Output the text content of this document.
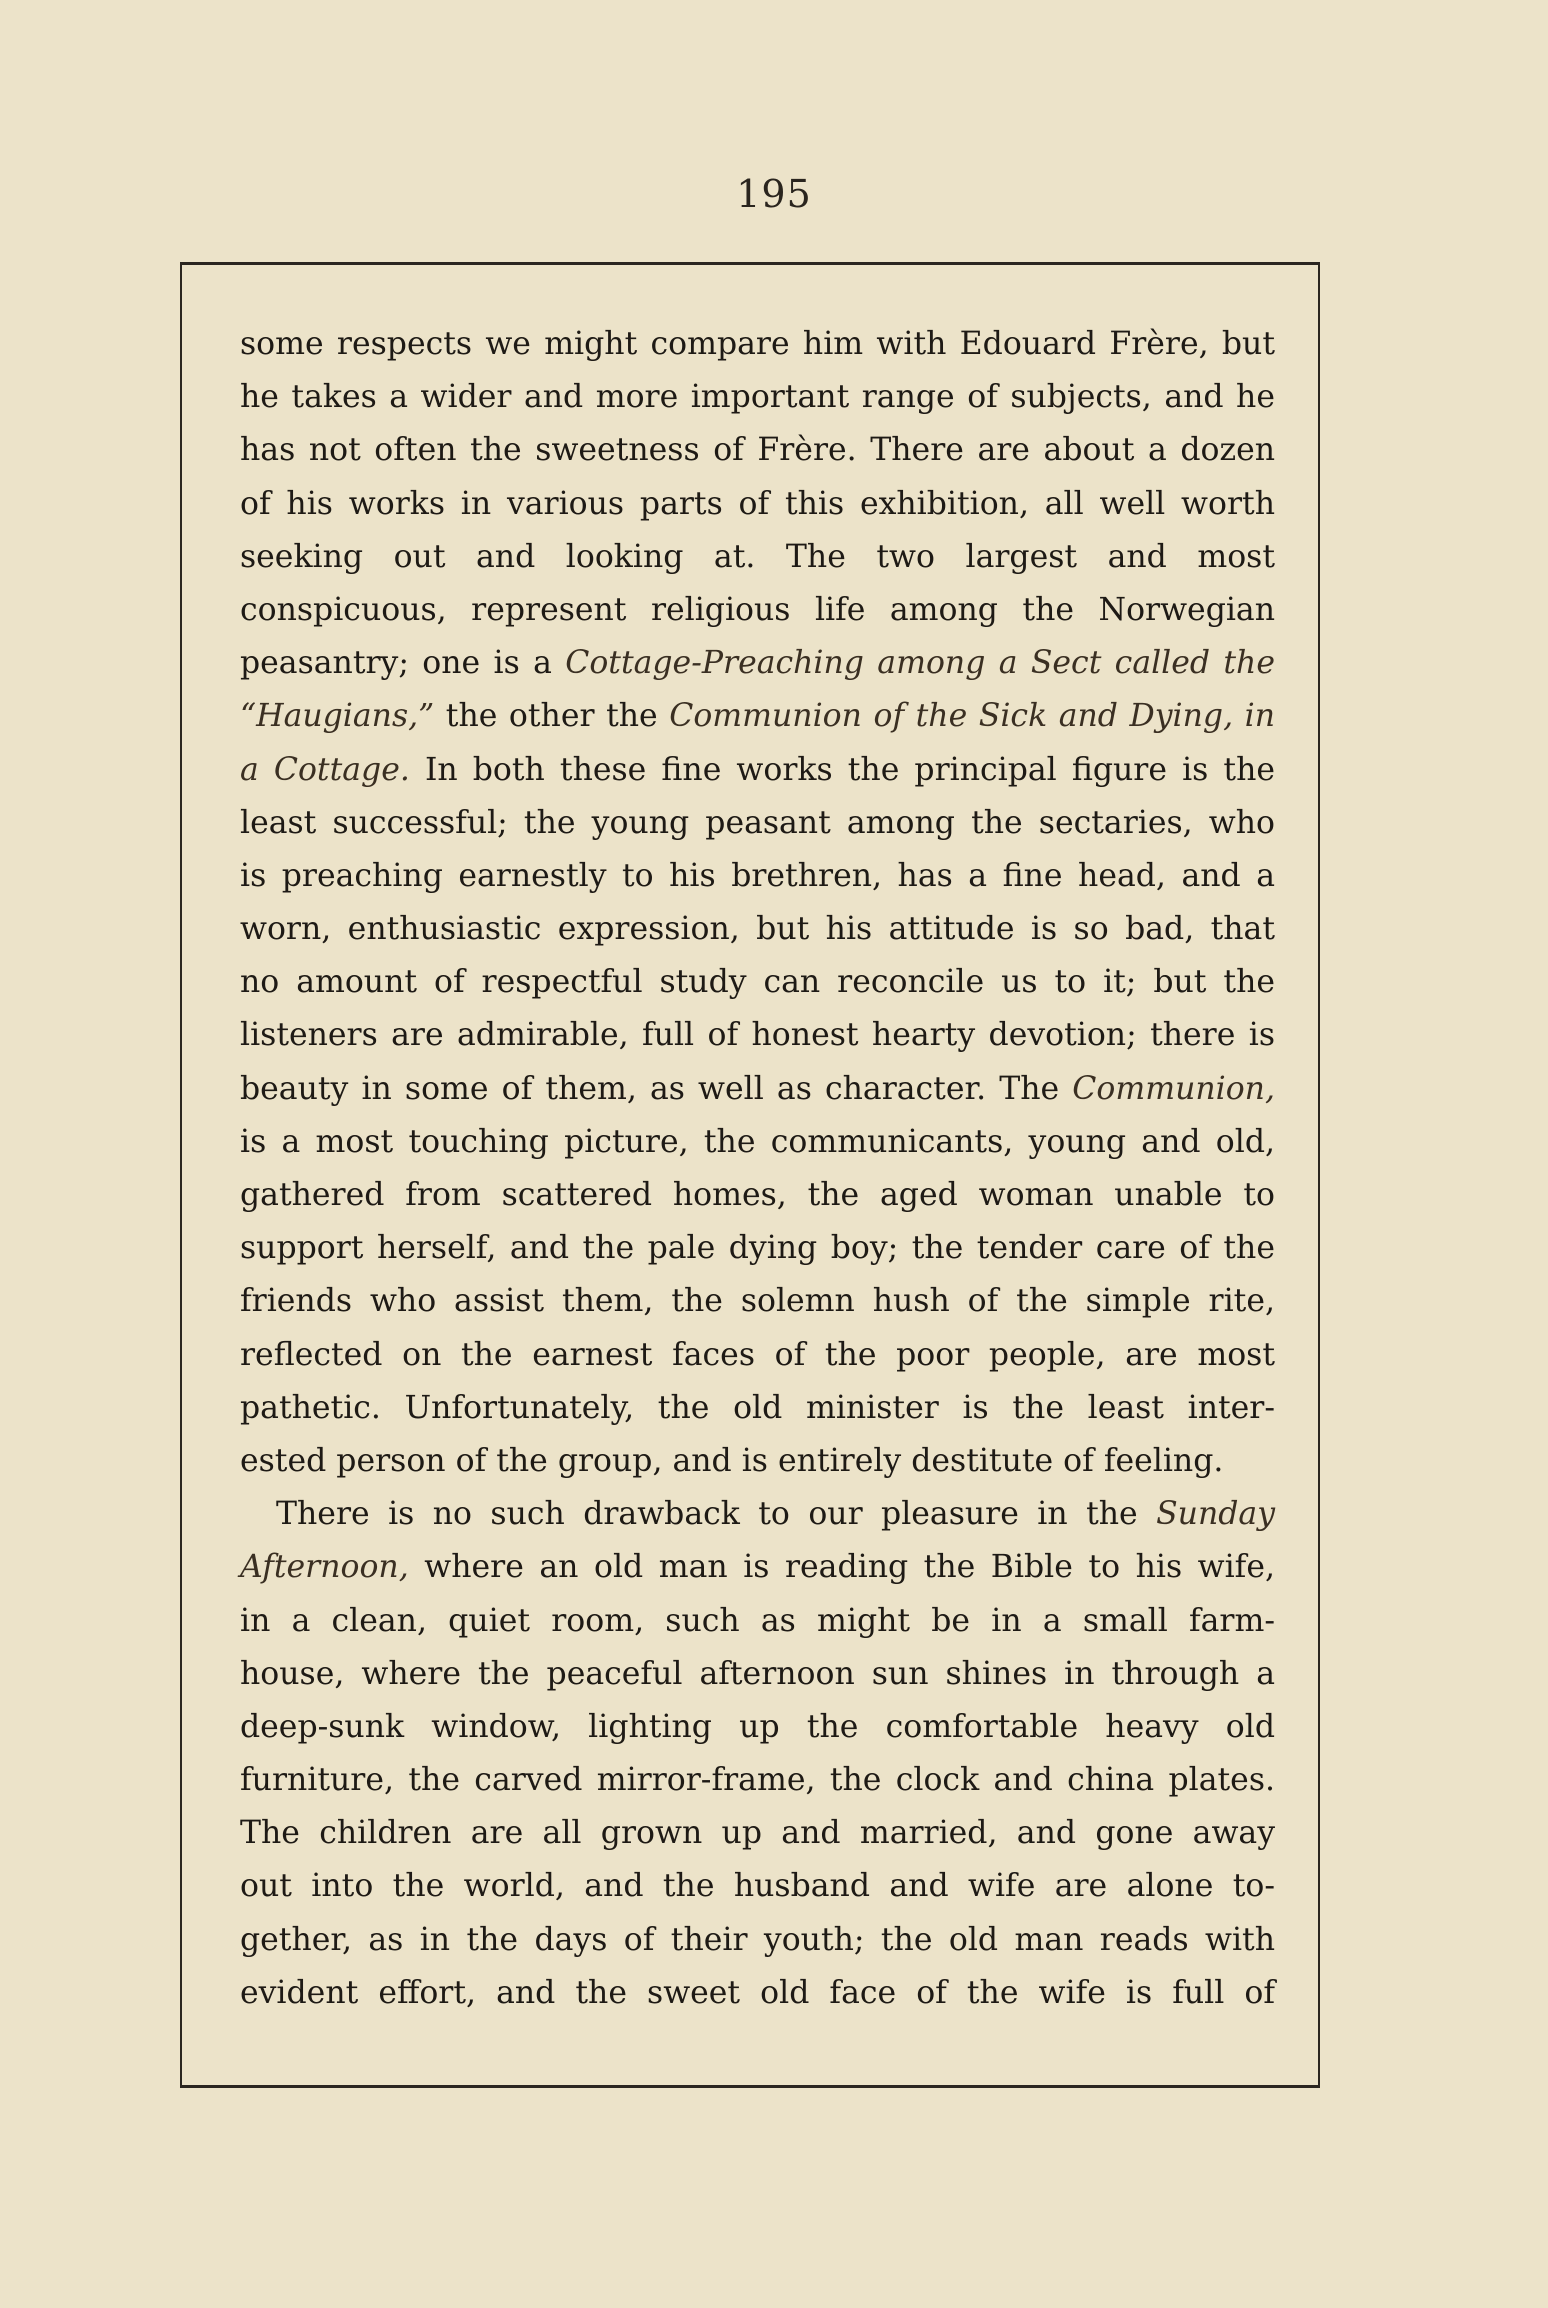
195
some respects we might compare him with Edouard Frère, but
he takes a wider and more important range of subjects, and he
has not often the sweetness of Frère. There are about a dozen
of his works in various parts of this exhibition, all well worth
seeking out and looking at. The two largest and most
conspicuous, represent religious life among the Norwegian
peasantry; one is a Cottage-Preaching among a Sect called the
“Haugians,” the other the Communion of the Sick and Dying, in
a Cottage. In both these fine works the principal figure is the
least successful; the young peasant among the sectaries, who
is preaching earnestly to his brethren, has a fine head, and a
worn, enthusiastic expression, but his attitude is so bad, that
no amount of respectful study can reconcile us to it; but the
listeners are admirable, full of honest hearty devotion; there is
beauty in some of them, as well as character. The Communion,
is a most touching picture, the communicants, young and old,
gathered from scattered homes, the aged woman unable to
support herself, and the pale dying boy; the tender care of the
friends who assist them, the solemn hush of the simple rite,
reflected on the earnest faces of the poor people, are most
pathetic. Unfortunately, the old minister is the least inter-
ested person of the group, and is entirely destitute of feeling.
There is no such drawback to our pleasure in the Sunday
Afternoon, where an old man is reading the Bible to his wife,
in a clean, quiet room, such as might be in a small farm-
house, where the peaceful afternoon sun shines in through a
deep-sunk window, lighting up the comfortable heavy old
furniture, the carved mirror-frame, the clock and china plates.
The children are all grown up and married, and gone away
out into the world, and the husband and wife are alone to-
gether, as in the days of their youth; the old man reads with
evident effort, and the sweet old face of the wife is full of
